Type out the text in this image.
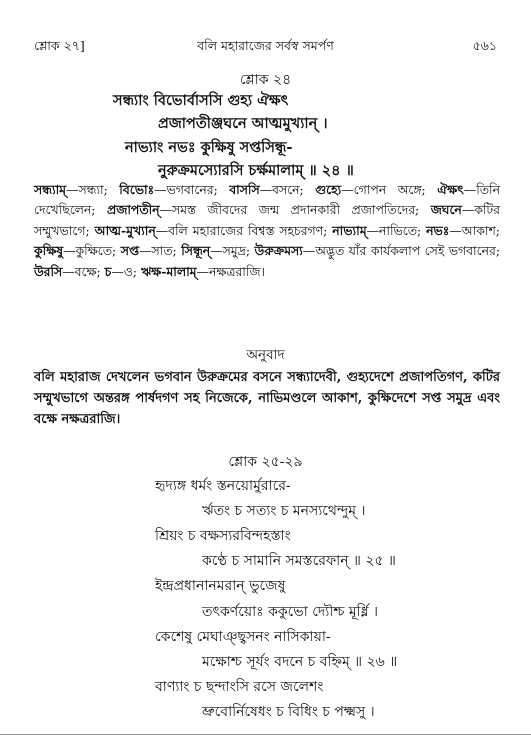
শ্লোক ২৭]	বলি মহারাজের সর্বস্ব সমর্পণ	৫৬১
শ্লোক ২৪
সন্ধ্যাং বিভোর্বাসসি গুহ্য ঐক্ষৎ
প্রজাপতীঞ্জঘনে আত্মমুখ্যান্‌ ।
নাভ্যাং নভঃ কুক্ষিষু সপ্তসিন্ধূ-
নুরুক্রমস্যোরসি চর্ক্ষমালাম্‌ ॥ ২৪ ॥
সন্ধ্যাম্‌—সন্ধ্যা; বিভোঃ—ভগবানের; বাসসি—বসনে; গুহ্যে—গোপন অঙ্গে; ঐক্ষৎ—তিনি দেখেছিলেন; প্রজাপতীন্‌—সমস্ত জীবদের জন্ম প্রদানকারী প্রজাপতিদের; জঘনে—কটির সম্মুখভাগে; আত্ম-মুখ্যান্‌—বলি মহারাজের বিশ্বস্ত সহচরগণ; নাভ্যাম্‌—নাভিতে; নভঃ—আকাশ; কুক্ষিষু—কুক্ষিতে; সপ্ত—সাত; সিন্ধূন্‌—সমুদ্র; উরুক্রমস্য—অদ্ভুত যাঁর কার্যকলাপ সেই ভগবানের; উরসি—বক্ষে; চ—ও; ঋক্ষ-মালাম্‌—নক্ষত্ররাজি।
অনুবাদ
বলি মহারাজ দেখলেন ভগবান উরুক্রমের বসনে সন্ধ্যাদেবী, গুহ্যদেশে প্রজাপতিগণ, কটির সম্মুখভাগে অন্তরঙ্গ পার্ষদগণ সহ নিজেকে, নাভিমণ্ডলে আকাশ, কুক্ষিদেশে সপ্ত সমুদ্র এবং বক্ষে নক্ষত্ররাজি।
শ্লোক ২৫-২৯
হৃদ্যঙ্গ ধর্মং স্তনয়োর্মুরারে-
র্ঋতং চ সত্যং চ মনস্যথেন্দুম্‌ ।
শ্রিয়ং চ বক্ষস্যরবিন্দহস্তাং
কণ্ঠে চ সামানি সমস্তরেফান্‌ ॥ ২৫ ॥
ইন্দ্রপ্রধানানমরান্‌ ভুজেষু
তৎকর্ণয়োঃ ককুভো দ্যৌশ্চ মূর্ধ্নি ।
কেশেষু মেঘাঞ্ছ্বসনং নাসিকায়া-
মক্ষোশ্চ সূর্যং বদনে চ বহ্নিম্‌ ॥ ২৬ ॥
বাণ্যাং চ ছন্দাংসি রসে জলেশং
ভ্রুবোর্নিষেধং চ বিধিং চ পক্ষ্মসু ।
